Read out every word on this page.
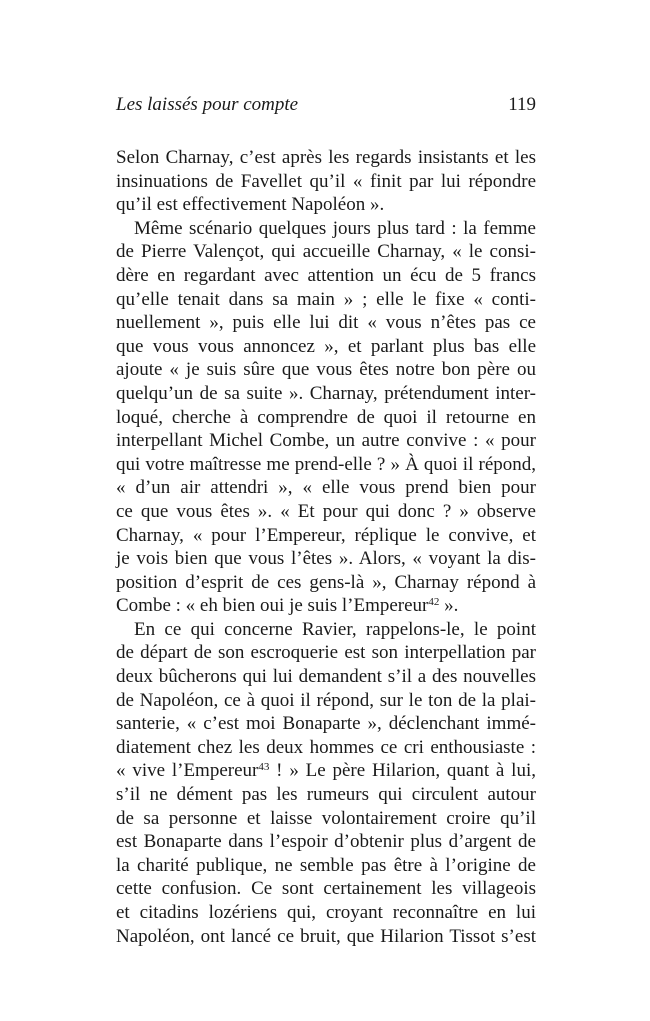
Les laissés pour compte	119
Selon Charnay, c’est après les regards insistants et les
insinuations de Favellet qu’il « finit par lui répondre
qu’il est effectivement Napoléon ».
Même scénario quelques jours plus tard : la femme
de Pierre Valençot, qui accueille Charnay, « le consi-
dère en regardant avec attention un écu de 5 francs
qu’elle tenait dans sa main » ; elle le fixe « conti-
nuellement », puis elle lui dit « vous n’êtes pas ce
que vous vous annoncez », et parlant plus bas elle
ajoute « je suis sûre que vous êtes notre bon père ou
quelqu’un de sa suite ». Charnay, prétendument inter-
loqué, cherche à comprendre de quoi il retourne en
interpellant Michel Combe, un autre convive : « pour
qui votre maîtresse me prend-elle ? » À quoi il répond,
« d’un air attendri », « elle vous prend bien pour
ce que vous êtes ». « Et pour qui donc ? » observe
Charnay, « pour l’Empereur, réplique le convive, et
je vois bien que vous l’êtes ». Alors, « voyant la dis-
position d’esprit de ces gens-là », Charnay répond à
Combe : « eh bien oui je suis l’Empereur$^{42}$ ».
En ce qui concerne Ravier, rappelons-le, le point
de départ de son escroquerie est son interpellation par
deux bûcherons qui lui demandent s’il a des nouvelles
de Napoléon, ce à quoi il répond, sur le ton de la plai-
santerie, « c’est moi Bonaparte », déclenchant immé-
diatement chez les deux hommes ce cri enthousiaste :
« vive l’Empereur$^{43}$ ! » Le père Hilarion, quant à lui,
s’il ne dément pas les rumeurs qui circulent autour
de sa personne et laisse volontairement croire qu’il
est Bonaparte dans l’espoir d’obtenir plus d’argent de
la charité publique, ne semble pas être à l’origine de
cette confusion. Ce sont certainement les villageois
et citadins lozériens qui, croyant reconnaître en lui
Napoléon, ont lancé ce bruit, que Hilarion Tissot s’est
